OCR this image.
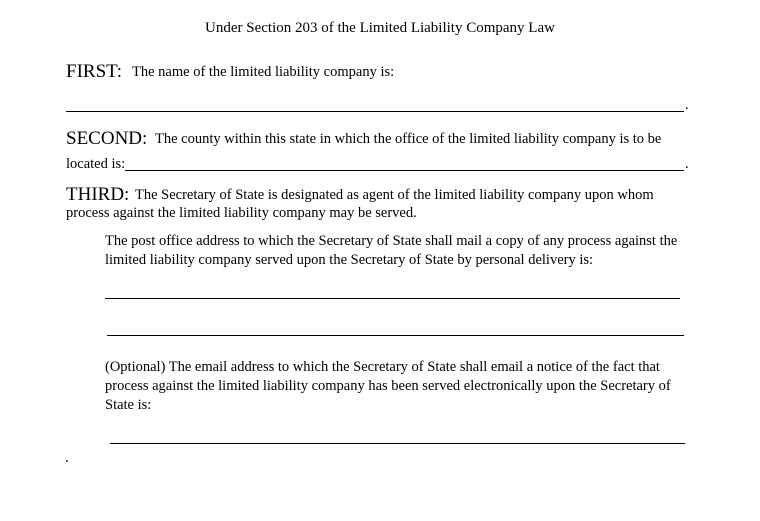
Under Section 203 of the Limited Liability Company Law
FIRST: The name of the limited liability company is:
.
SECOND: The county within this state in which the office of the limited liability company is to be
located is:	.
THIRD: The Secretary of State is designated as agent of the limited liability company upon whom
process against the limited liability company may be served.
The post office address to which the Secretary of State shall mail a copy of any process against the limited liability company served upon the Secretary of State by personal delivery is:
(Optional) The email address to which the Secretary of State shall email a notice of the fact that process against the limited liability company has been served electronically upon the Secretary of State is:
.
